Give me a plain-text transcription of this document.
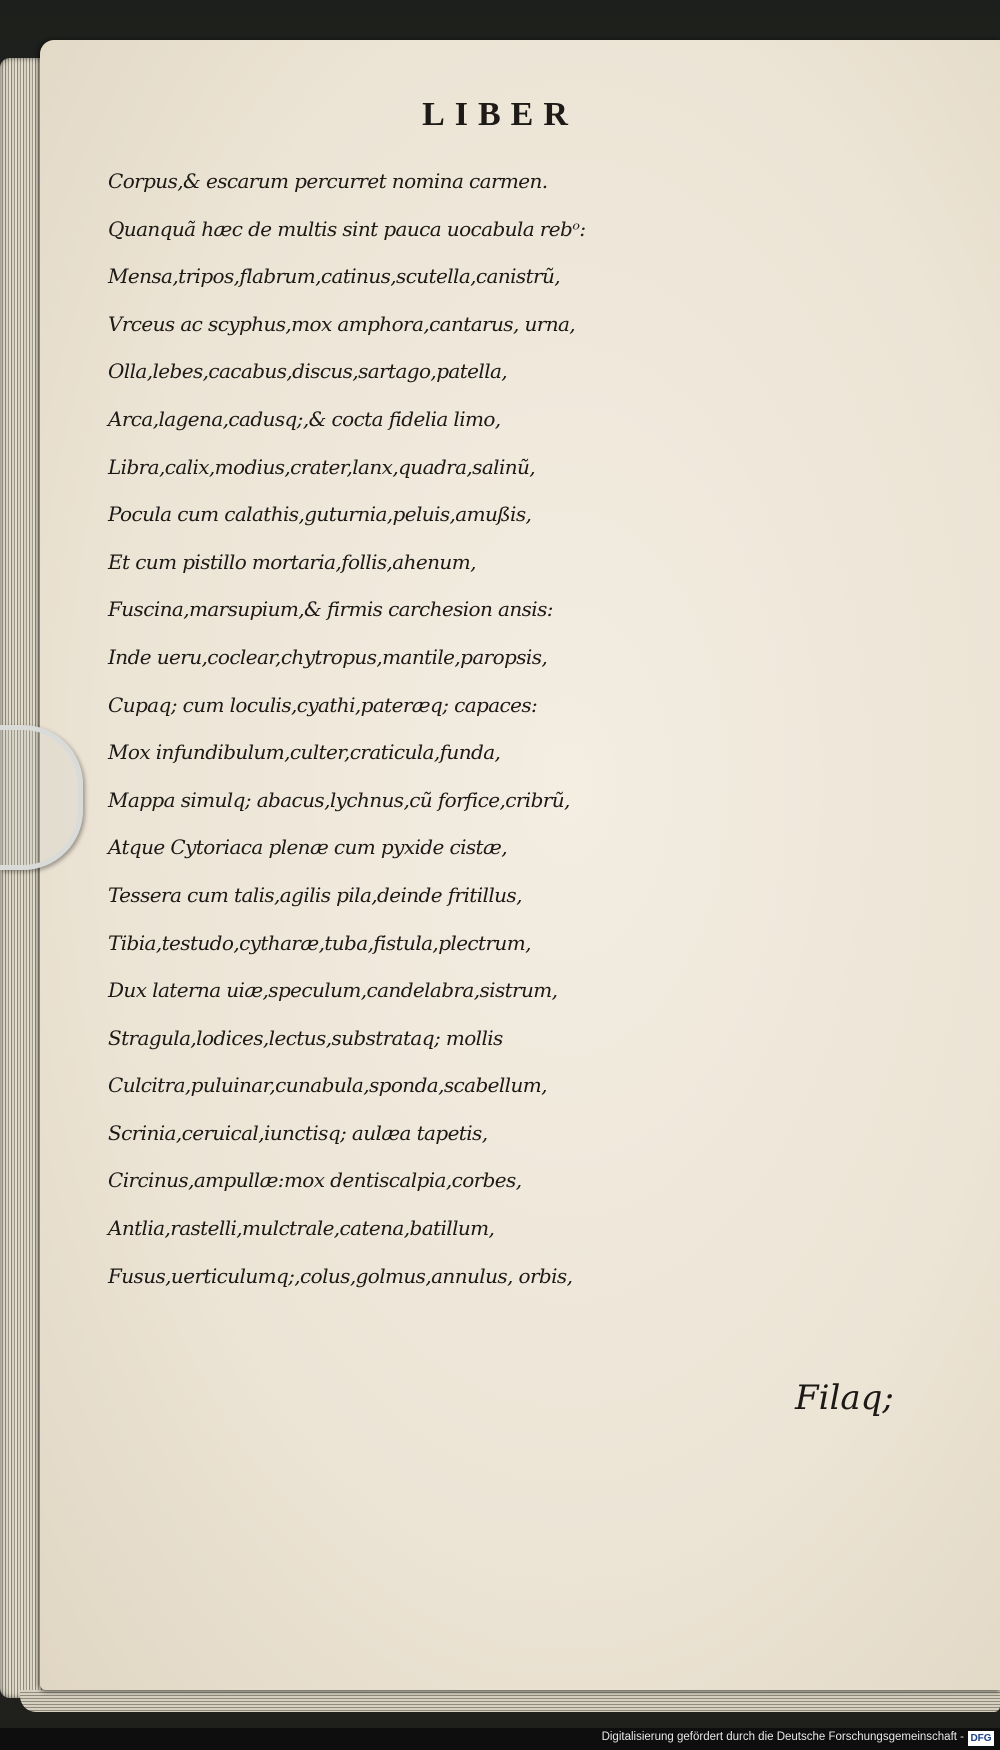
LIBER
Corpus,& escarum percurret nomina carmen.
Quanquã hæc de multis sint pauca uocabula rebᵒ:
Mensa,tripos,flabrum,catinus,scutella,canistrũ,
Vrceus ac scyphus,mox amphora,cantarus, urna,
Olla,lebes,cacabus,discus,sartago,patella,
Arca,lagena,cadusq;,& cocta fidelia limo,
Libra,calix,modius,crater,lanx,quadra,salinũ,
Pocula cum calathis,guturnia,peluis,amußis,
Et cum pistillo mortaria,follis,ahenum,
Fuscina,marsupium,& firmis carchesion ansis:
Inde ueru,coclear,chytropus,mantile,paropsis,
Cupaq; cum loculis,cyathi,pateræq; capaces:
Mox infundibulum,culter,craticula,funda,
Mappa simulq; abacus,lychnus,cũ forfice,cribrũ,
Atque Cytoriaca plenæ cum pyxide cistæ,
Tessera cum talis,agilis pila,deinde fritillus,
Tibia,testudo,cytharæ,tuba,fistula,plectrum,
Dux laterna uiæ,speculum,candelabra,sistrum,
Stragula,lodices,lectus,substrataq; mollis
Culcitra,puluinar,cunabula,sponda,scabellum,
Scrinia,ceruical,iunctisq; aulæa tapetis,
Circinus,ampullæ:mox dentiscalpia,corbes,
Antlia,rastelli,mulctrale,catena,batillum,
Fusus,uerticulumq;,colus,golmus,annulus, orbis,
Filaq;
Digitalisierung gefördert durch die Deutsche Forschungsgemeinschaft - DFG
